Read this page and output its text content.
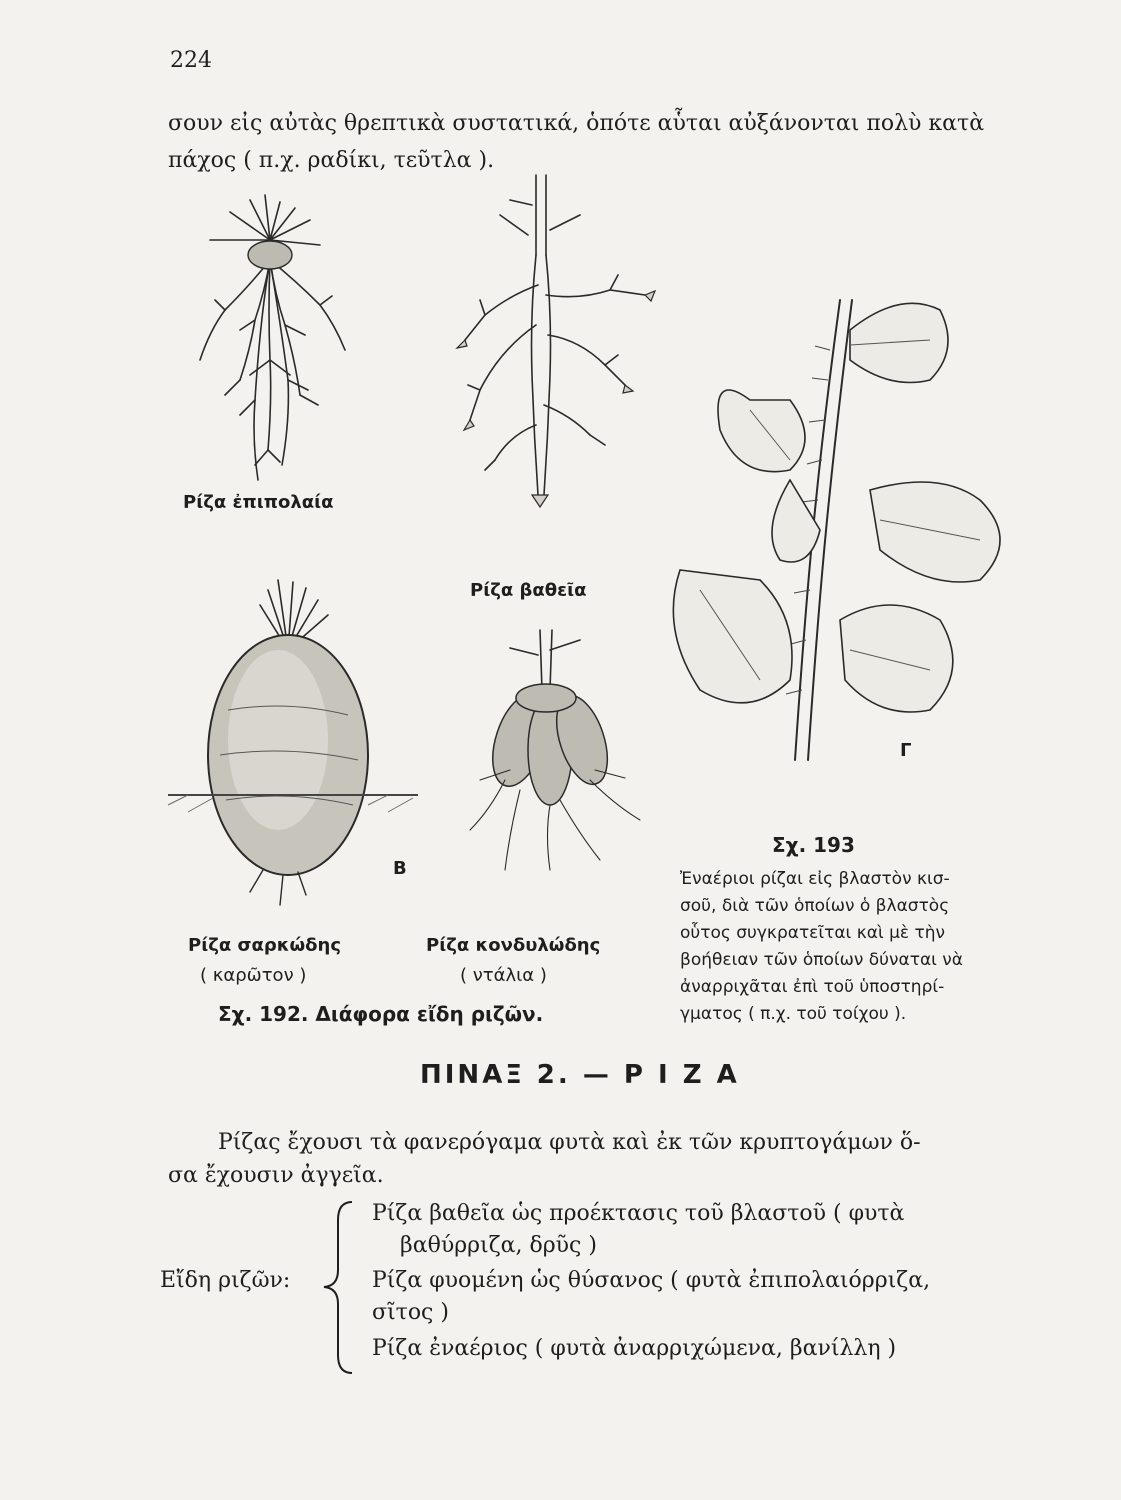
224
σουν εἰς αὐτὰς θρεπτικὰ συστατικά, ὁπότε αὗται αὐξάνονται πολὺ κατὰ
πάχος ( π.χ. ραδίκι, τεῦτλα ).
Ρίζα ἐπιπολαία
Ρίζα βαθεῖα
Β
Γ
Ρίζα σαρκώδης
( καρῶτον )
Ρίζα κονδυλώδης
( ντάλια )
Σχ. 192. Διάφορα εἴδη ριζῶν.
Σχ. 193
Ἐναέριοι ρίζαι εἰς βλαστὸν κισ-
σοῦ, διὰ τῶν ὁποίων ὁ βλαστὸς
οὗτος συγκρατεῖται καὶ μὲ τὴν
βοήθειαν τῶν ὁποίων δύναται νὰ
ἀναρριχᾶται ἐπὶ τοῦ ὑποστηρί-
γματος ( π.χ. τοῦ τοίχου ).
ΠΙΝΑΞ 2. — Ρ Ι Ζ Α
Ρίζας ἔχουσι τὰ φανερόγαμα φυτὰ καὶ ἐκ τῶν κρυπτογάμων ὅ-
σα ἔχουσιν ἀγγεῖα.
Εἴδη ριζῶν:
Ρίζα βαθεῖα ὡς προέκτασις τοῦ βλαστοῦ ( φυτὰ
βαθύρριζα, δρῦς )
Ρίζα φυομένη ὡς θύσανος ( φυτὰ ἐπιπολαιόρριζα,
σῖτος )
Ρίζα ἐναέριος ( φυτὰ ἀναρριχώμενα, βανίλλη )
